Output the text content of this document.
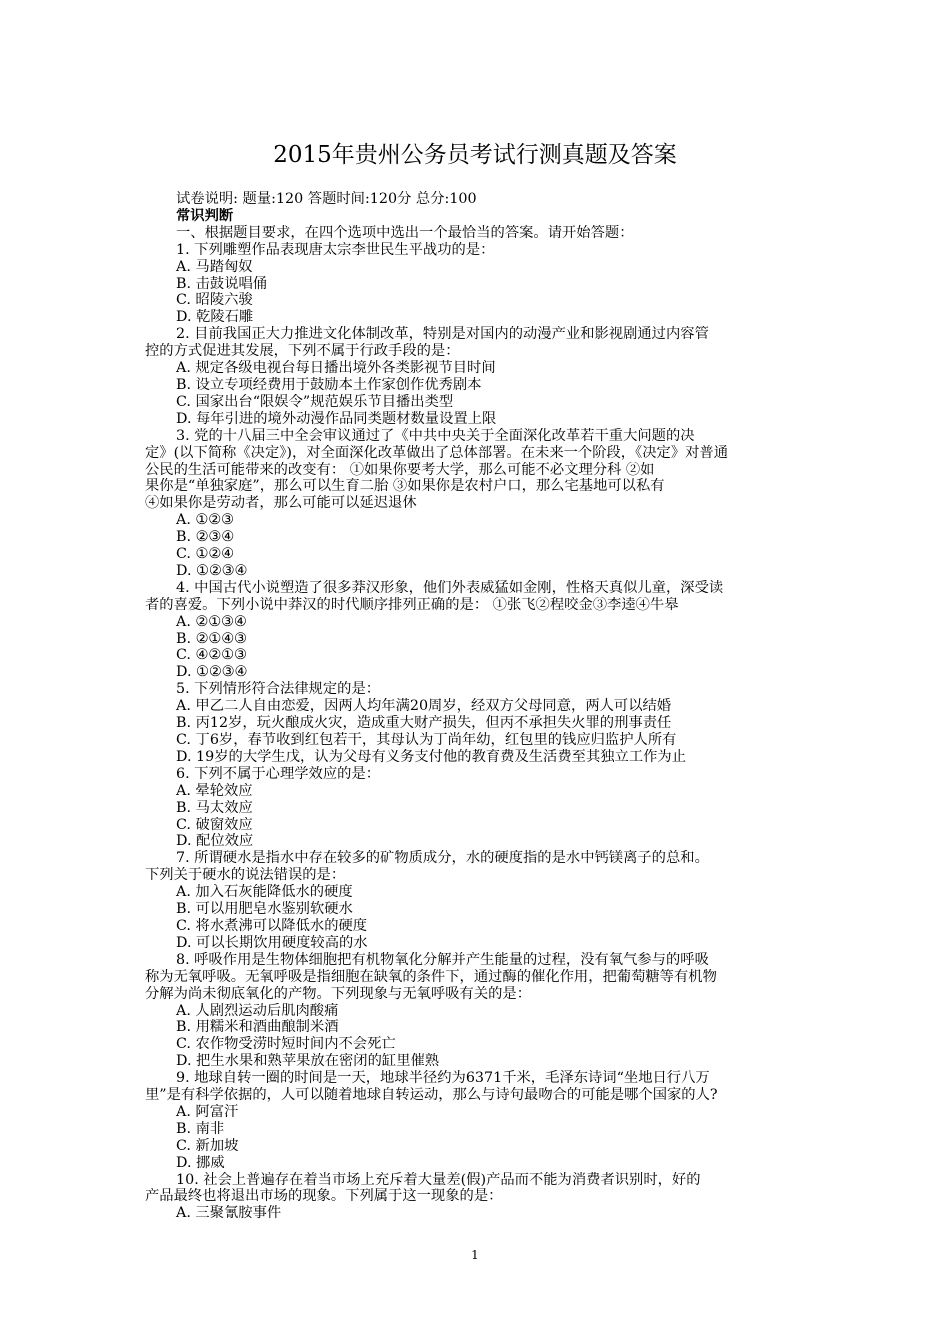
2015年贵州公务员考试行测真题及答案
试卷说明: 题量:120 答题时间:120分 总分:100
常识判断
一、根据题目要求，在四个选项中选出一个最恰当的答案。请开始答题：
1. 下列雕塑作品表现唐太宗李世民生平战功的是：
A. 马踏匈奴
B. 击鼓说唱俑
C. 昭陵六骏
D. 乾陵石雕
2. 目前我国正大力推进文化体制改革，特别是对国内的动漫产业和影视剧通过内容管
控的方式促进其发展，下列不属于行政手段的是：
A. 规定各级电视台每日播出境外各类影视节目时间
B. 设立专项经费用于鼓励本土作家创作优秀剧本
C. 国家出台“限娱令”规范娱乐节目播出类型
D. 每年引进的境外动漫作品同类题材数量设置上限
3. 党的十八届三中全会审议通过了《中共中央关于全面深化改革若干重大问题的决
定》(以下简称《决定》)，对全面深化改革做出了总体部署。在未来一个阶段，《决定》对普通
公民的生活可能带来的改变有： ①如果你要考大学，那么可能不必文理分科 ②如
果你是“单独家庭”，那么可以生育二胎 ③如果你是农村户口，那么宅基地可以私有
④如果你是劳动者，那么可能可以延迟退休
A. ①②③
B. ②③④
C. ①②④
D. ①②③④
4. 中国古代小说塑造了很多莽汉形象，他们外表威猛如金刚，性格天真似儿童，深受读
者的喜爱。下列小说中莽汉的时代顺序排列正确的是： ①张飞②程咬金③李逵④牛皋
A. ②①③④
B. ②①④③
C. ④②①③
D. ①②③④
5. 下列情形符合法律规定的是：
A. 甲乙二人自由恋爱，因两人均年满20周岁，经双方父母同意，两人可以结婚
B. 丙12岁，玩火酿成火灾，造成重大财产损失，但丙不承担失火罪的刑事责任
C. 丁6岁，春节收到红包若干，其母认为丁尚年幼，红包里的钱应归监护人所有
D. 19岁的大学生戊，认为父母有义务支付他的教育费及生活费至其独立工作为止
6. 下列不属于心理学效应的是：
A. 晕轮效应
B. 马太效应
C. 破窗效应
D. 配位效应
7. 所谓硬水是指水中存在较多的矿物质成分，水的硬度指的是水中钙镁离子的总和。
下列关于硬水的说法错误的是：
A. 加入石灰能降低水的硬度
B. 可以用肥皂水鉴别软硬水
C. 将水煮沸可以降低水的硬度
D. 可以长期饮用硬度较高的水
8. 呼吸作用是生物体细胞把有机物氧化分解并产生能量的过程，没有氧气参与的呼吸
称为无氧呼吸。无氧呼吸是指细胞在缺氧的条件下，通过酶的催化作用，把葡萄糖等有机物
分解为尚未彻底氧化的产物。下列现象与无氧呼吸有关的是：
A. 人剧烈运动后肌肉酸痛
B. 用糯米和酒曲酿制米酒
C. 农作物受涝时短时间内不会死亡
D. 把生水果和熟苹果放在密闭的缸里催熟
9. 地球自转一圈的时间是一天，地球半径约为6371千米，毛泽东诗词“坐地日行八万
里”是有科学依据的，人可以随着地球自转运动，那么与诗句最吻合的可能是哪个国家的人?
A. 阿富汗
B. 南非
C. 新加坡
D. 挪威
10. 社会上普遍存在着当市场上充斥着大量差(假)产品而不能为消费者识别时，好的
产品最终也将退出市场的现象。下列属于这一现象的是：
A. 三聚氰胺事件
1
